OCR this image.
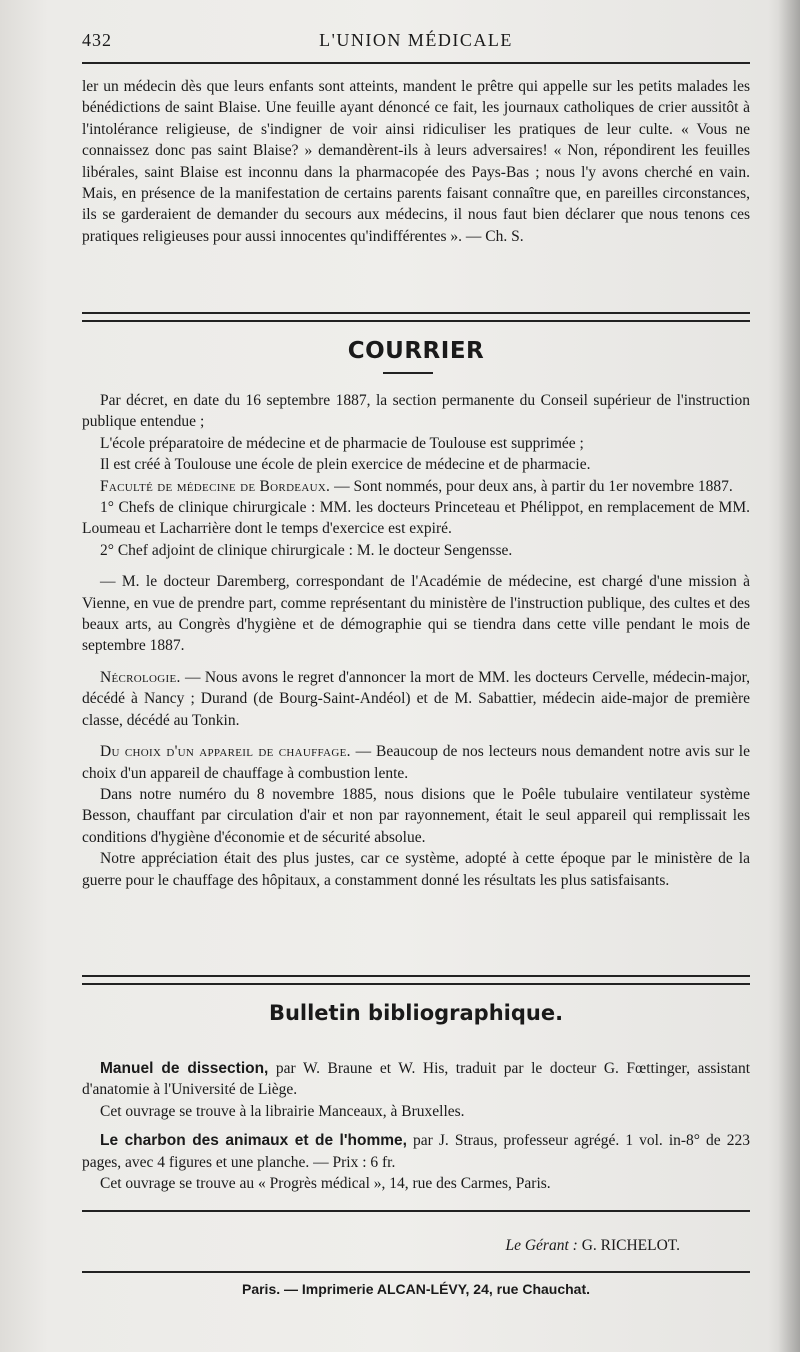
432	L'UNION MÉDICALE

ler un médecin dès que leurs enfants sont atteints, mandent le prêtre qui appelle sur les petits malades les bénédictions de saint Blaise. Une feuille ayant dénoncé ce fait, les journaux catholiques de crier aussitôt à l'intolérance religieuse, de s'indigner de voir ainsi ridiculiser les pratiques de leur culte. « Vous ne connaissez donc pas saint Blaise? » demandèrent-ils à leurs adversaires! « Non, répondirent les feuilles libérales, saint Blaise est inconnu dans la pharmacopée des Pays-Bas ; nous l'y avons cherché en vain. Mais, en présence de la manifestation de certains parents faisant connaître que, en pareilles circonstances, ils se garderaient de demander du secours aux médecins, il nous faut bien déclarer que nous tenons ces pratiques religieuses pour aussi innocentes qu'indifférentes ». — Ch. S.

COURRIER

Par décret, en date du 16 septembre 1887, la section permanente du Conseil supérieur de l'instruction publique entendue ;

L'école préparatoire de médecine et de pharmacie de Toulouse est supprimée ;

Il est créé à Toulouse une école de plein exercice de médecine et de pharmacie.

Faculté de médecine de Bordeaux. — Sont nommés, pour deux ans, à partir du 1er novembre 1887.

1° Chefs de clinique chirurgicale : MM. les docteurs Princeteau et Phélippot, en remplacement de MM. Loumeau et Lacharrière dont le temps d'exercice est expiré.

2° Chef adjoint de clinique chirurgicale : M. le docteur Sengensse.

— M. le docteur Daremberg, correspondant de l'Académie de médecine, est chargé d'une mission à Vienne, en vue de prendre part, comme représentant du ministère de l'instruction publique, des cultes et des beaux arts, au Congrès d'hygiène et de démographie qui se tiendra dans cette ville pendant le mois de septembre 1887.

Nécrologie. — Nous avons le regret d'annoncer la mort de MM. les docteurs Cervelle, médecin-major, décédé à Nancy ; Durand (de Bourg-Saint-Andéol) et de M. Sabattier, médecin aide-major de première classe, décédé au Tonkin.

Du choix d'un appareil de chauffage. — Beaucoup de nos lecteurs nous demandent notre avis sur le choix d'un appareil de chauffage à combustion lente.

Dans notre numéro du 8 novembre 1885, nous disions que le Poêle tubulaire ventilateur système Besson, chauffant par circulation d'air et non par rayonnement, était le seul appareil qui remplissait les conditions d'hygiène d'économie et de sécurité absolue.

Notre appréciation était des plus justes, car ce système, adopté à cette époque par le ministère de la guerre pour le chauffage des hôpitaux, a constamment donné les résultats les plus satisfaisants.

Bulletin bibliographique.

Manuel de dissection, par W. Braune et W. His, traduit par le docteur G. Fœttinger, assistant d'anatomie à l'Université de Liège.

Cet ouvrage se trouve à la librairie Manceaux, à Bruxelles.

Le charbon des animaux et de l'homme, par J. Straus, professeur agrégé. 1 vol. in-8° de 223 pages, avec 4 figures et une planche. — Prix : 6 fr.

Cet ouvrage se trouve au « Progrès médical », 14, rue des Carmes, Paris.

Le Gérant : G. RICHELOT.
Paris. — Imprimerie ALCAN-LÉVY, 24, rue Chauchat.
